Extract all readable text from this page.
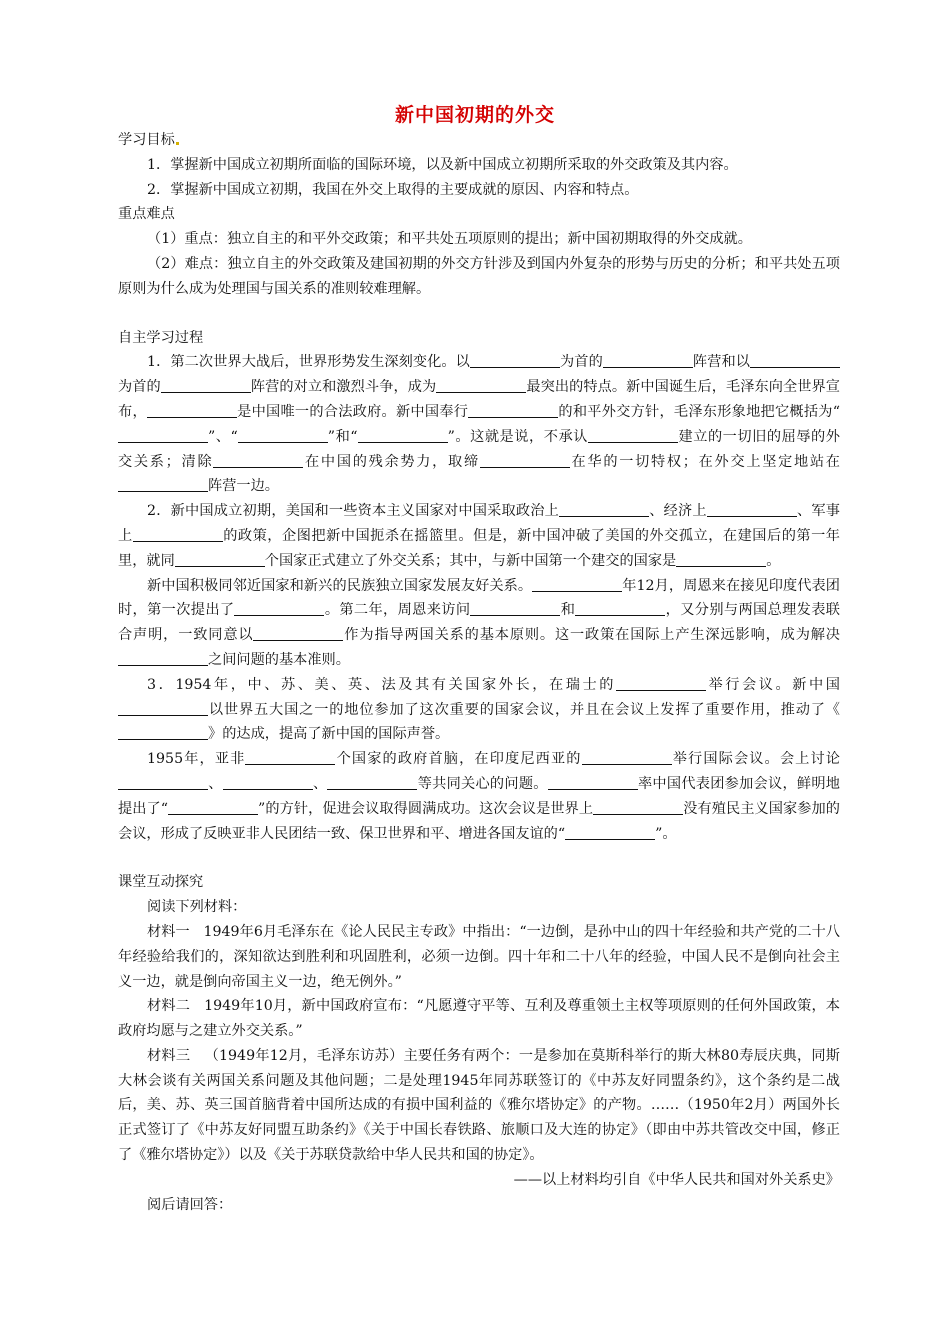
新中国初期的外交

学习目标

1．掌握新中国成立初期所面临的国际环境，以及新中国成立初期所采取的外交政策及其内容。

2．掌握新中国成立初期，我国在外交上取得的主要成就的原因、内容和特点。

重点难点

（1）重点：独立自主的和平外交政策；和平共处五项原则的提出；新中国初期取得的外交成就。

（2）难点：独立自主的外交政策及建国初期的外交方针涉及到国内外复杂的形势与历史的分析；和平共处五项原则为什么成为处理国与国关系的准则较难理解。

自主学习过程

1．第二次世界大战后，世界形势发生深刻变化。以	为首的	阵营和以为首的	阵营的对立和激烈斗争，成为	最突出的特点。新中国诞生后，毛泽东向全世界宣布，	是中国唯一的合法政府。新中国奉行	的和平外交方针，毛泽东形象地把它概括为“”、“	”和“	”。这就是说，不承认	建立的一切旧的屈辱的外交关系；清除	在中国的残余势力，取缔	在华的一切特权；在外交上坚定地站在阵营一边。

2．新中国成立初期，美国和一些资本主义国家对中国采取政治上	、经济上	、军事上	的政策，企图把新中国扼杀在摇篮里。但是，新中国冲破了美国的外交孤立，在建国后的第一年里，就同	个国家正式建立了外交关系；其中，与新中国第一个建交的国家是	。

新中国积极同邻近国家和新兴的民族独立国家发展友好关系。	年12月，周恩来在接见印度代表团时，第一次提出了	。第二年，周恩来访问	和	，又分别与两国总理发表联合声明，一致同意以	作为指导两国关系的基本原则。这一政策在国际上产生深远影响，成为解决之间问题的基本准则。

3．1954年，中、苏、美、英、法及其有关国家外长，在瑞士的	举行会议。新中国以世界五大国之一的地位参加了这次重要的国家会议，并且在会议上发挥了重要作用，推动了《》的达成，提高了新中国的国际声誉。

1955年，亚非	个国家的政府首脑，在印度尼西亚的	举行国际会议。会上讨论、	、	等共同关心的问题。	率中国代表团参加会议，鲜明地提出了“	”的方针，促进会议取得圆满成功。这次会议是世界上	没有殖民主义国家参加的会议，形成了反映亚非人民团结一致、保卫世界和平、增进各国友谊的“	”。

课堂互动探究

阅读下列材料：

材料一 1949年6月毛泽东在《论人民民主专政》中指出：“一边倒，是孙中山的四十年经验和共产党的二十八年经验给我们的，深知欲达到胜利和巩固胜利，必须一边倒。四十年和二十八年的经验，中国人民不是倒向社会主义一边，就是倒向帝国主义一边，绝无例外。”

材料二 1949年10月，新中国政府宣布：“凡愿遵守平等、互利及尊重领土主权等项原则的任何外国政策，本政府均愿与之建立外交关系。”

材料三 （1949年12月，毛泽东访苏）主要任务有两个：一是参加在莫斯科举行的斯大林80寿辰庆典，同斯大林会谈有关两国关系问题及其他问题；二是处理1945年同苏联签订的《中苏友好同盟条约》，这个条约是二战后，美、苏、英三国首脑背着中国所达成的有损中国利益的《雅尔塔协定》的产物。……（1950年2月）两国外长正式签订了《中苏友好同盟互助条约》《关于中国长春铁路、旅顺口及大连的协定》（即由中苏共管改交中国，修正了《雅尔塔协定》）以及《关于苏联贷款给中华人民共和国的协定》。

——以上材料均引自《中华人民共和国对外关系史》

阅后请回答：
